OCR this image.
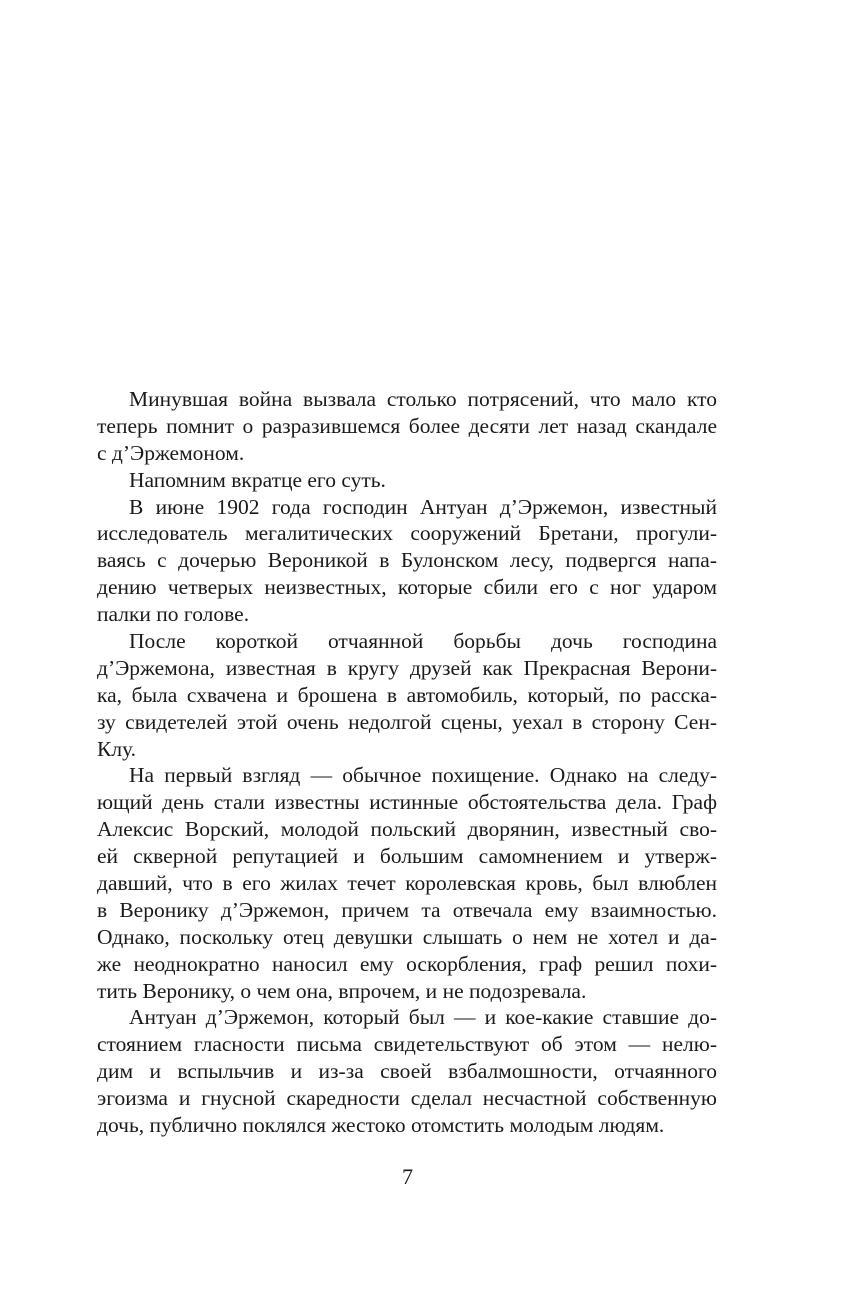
Минувшая война вызвала столько потрясений, что мало кто
теперь помнит о разразившемся более десяти лет назад скандале
с д’Эржемоном.
Напомним вкратце его суть.
В июне 1902 года господин Антуан д’Эржемон, известный
исследователь мегалитических сооружений Бретани, прогули-
ваясь с дочерью Вероникой в Булонском лесу, подвергся напа-
дению четверых неизвестных, которые сбили его с ног ударом
палки по голове.
После короткой отчаянной борьбы дочь господина
д’Эржемона, известная в кругу друзей как Прекрасная Верони-
ка, была схвачена и брошена в автомобиль, который, по расска-
зу свидетелей этой очень недолгой сцены, уехал в сторону Сен-
Клу.
На первый взгляд — обычное похищение. Однако на следу-
ющий день стали известны истинные обстоятельства дела. Граф
Алексис Ворский, молодой польский дворянин, известный сво-
ей скверной репутацией и большим самомнением и утверж-
давший, что в его жилах течет королевская кровь, был влюблен
в Веронику д’Эржемон, причем та отвечала ему взаимностью.
Однако, поскольку отец девушки слышать о нем не хотел и да-
же неоднократно наносил ему оскорбления, граф решил похи-
тить Веронику, о чем она, впрочем, и не подозревала.
Антуан д’Эржемон, который был — и кое-какие ставшие до-
стоянием гласности письма свидетельствуют об этом — нелю-
дим и вспыльчив и из-за своей взбалмошности, отчаянного
эгоизма и гнусной скаредности сделал несчастной собственную
дочь, публично поклялся жестоко отомстить молодым людям.
7
